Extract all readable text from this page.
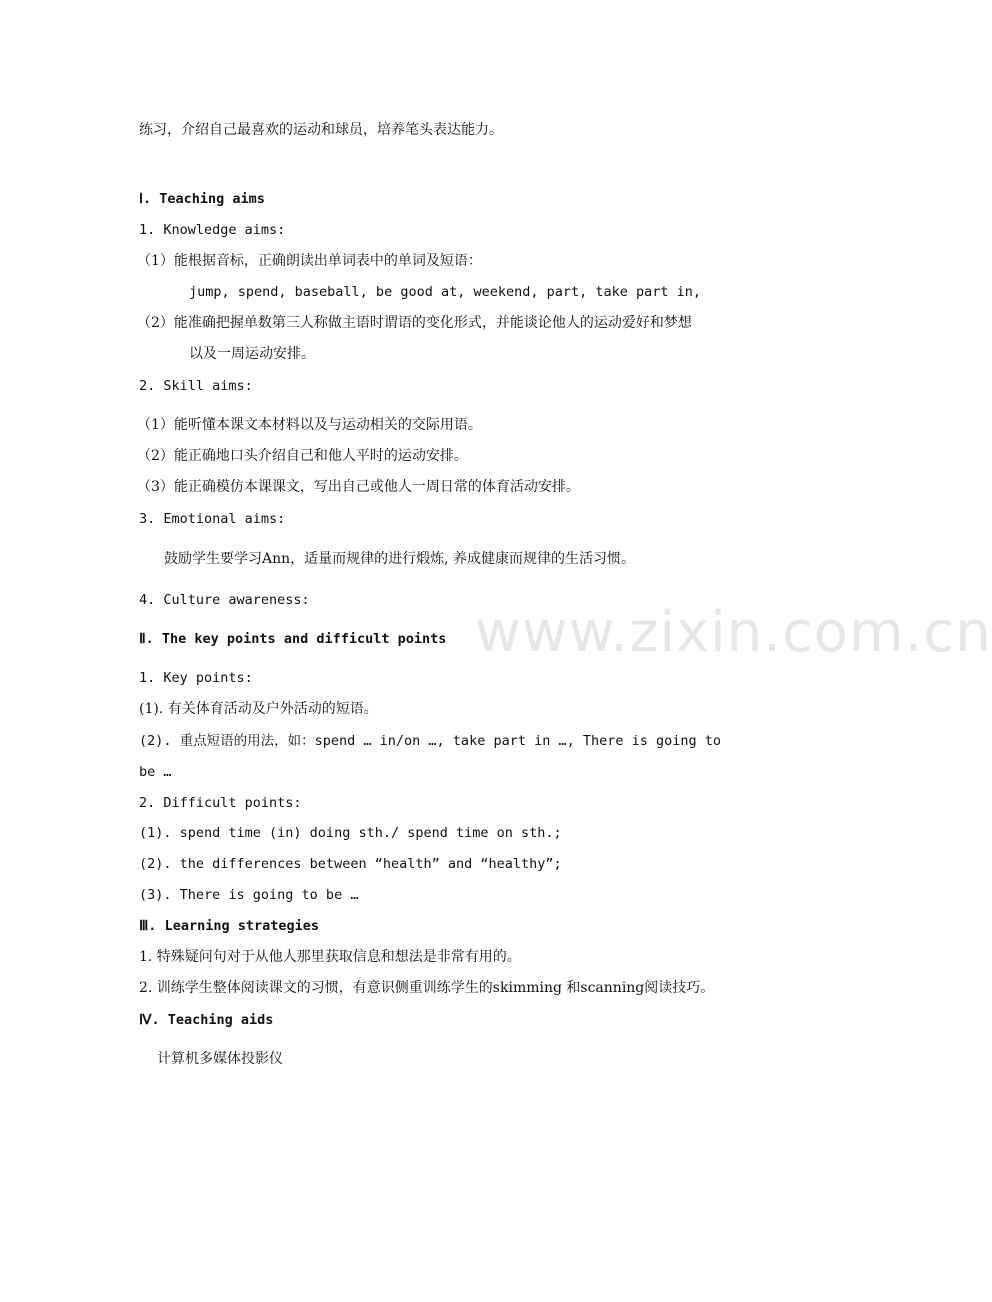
www.zixin.com.cn
练习，介绍自己最喜欢的运动和球员，培养笔头表达能力。
Ⅰ. Teaching aims
1. Knowledge aims:
（1）能根据音标，正确朗读出单词表中的单词及短语：
jump, spend, baseball, be good at, weekend, part, take part in,
（2）能准确把握单数第三人称做主语时谓语的变化形式，并能谈论他人的运动爱好和梦想
以及一周运动安排。
2. Skill aims:
（1）能听懂本课文本材料以及与运动相关的交际用语。
（2）能正确地口头介绍自己和他人平时的运动安排。
（3）能正确模仿本课课文，写出自己或他人一周日常的体育活动安排。
3. Emotional aims:
鼓励学生要学习Ann，适量而规律的进行煅炼, 养成健康而规律的生活习惯。
4. Culture awareness:
Ⅱ. The key points and difficult points
1. Key points:
(1). 有关体育活动及户外活动的短语。
(2). 重点短语的用法，如：spend … in/on …, take part in …, There is going to
be …
2. Difficult points:
(1). spend time (in) doing sth./ spend time on sth.;
(2). the differences between “health” and “healthy”;
(3). There is going to be …
Ⅲ. Learning strategies
1. 特殊疑问句对于从他人那里获取信息和想法是非常有用的。
2. 训练学生整体阅读课文的习惯，有意识侧重训练学生的skimming 和scanning阅读技巧。
Ⅳ. Teaching aids
计算机多媒体投影仪
